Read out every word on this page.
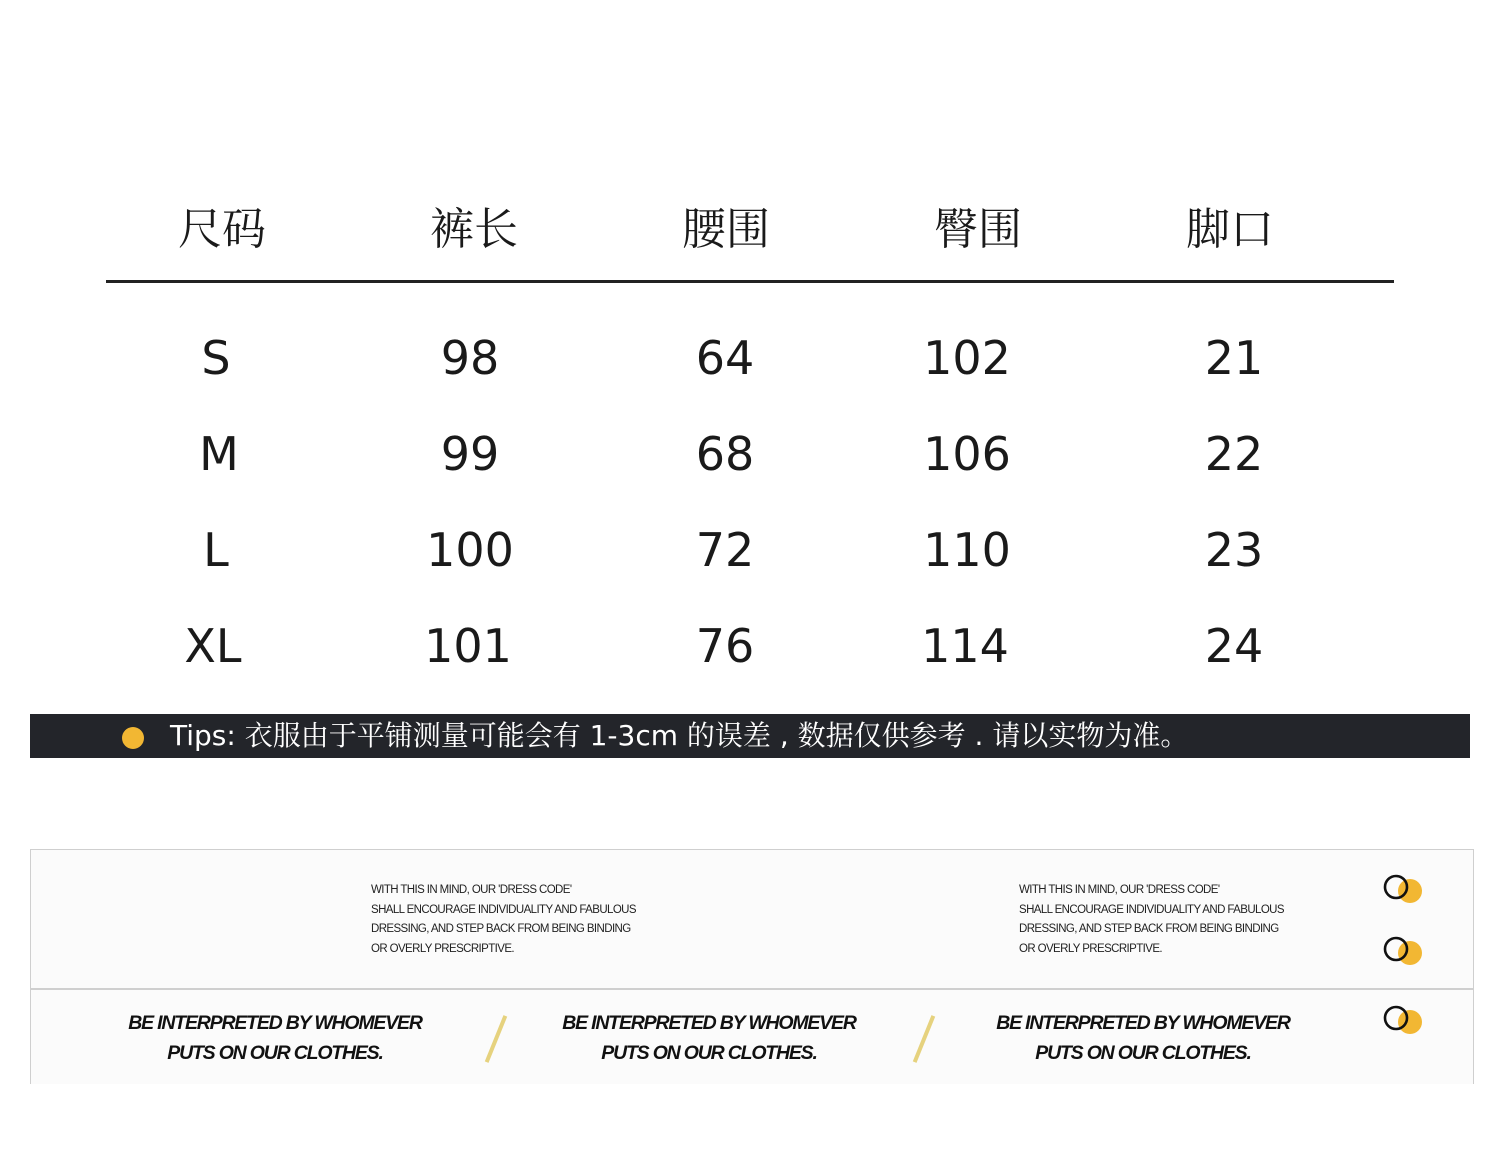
尺码	裤长	腰围	臀围	脚口
S	98	64	102	21
M	99	68	106	22
L	100	72	110	23
XL	101	76	114	24
Tips: 衣服由于平铺测量可能会有 1-3cm 的误差 , 数据仅供参考 . 请以实物为准。
WITH THIS IN MIND, OUR 'DRESS CODE'
SHALL ENCOURAGE INDIVIDUALITY AND FABULOUS
DRESSING, AND STEP BACK FROM BEING BINDING
OR OVERLY PRESCRIPTIVE.
WITH THIS IN MIND, OUR 'DRESS CODE'
SHALL ENCOURAGE INDIVIDUALITY AND FABULOUS
DRESSING, AND STEP BACK FROM BEING BINDING
OR OVERLY PRESCRIPTIVE.
BE INTERPRETED BY WHOMEVER
PUTS ON OUR CLOTHES.
BE INTERPRETED BY WHOMEVER
PUTS ON OUR CLOTHES.
BE INTERPRETED BY WHOMEVER
PUTS ON OUR CLOTHES.
